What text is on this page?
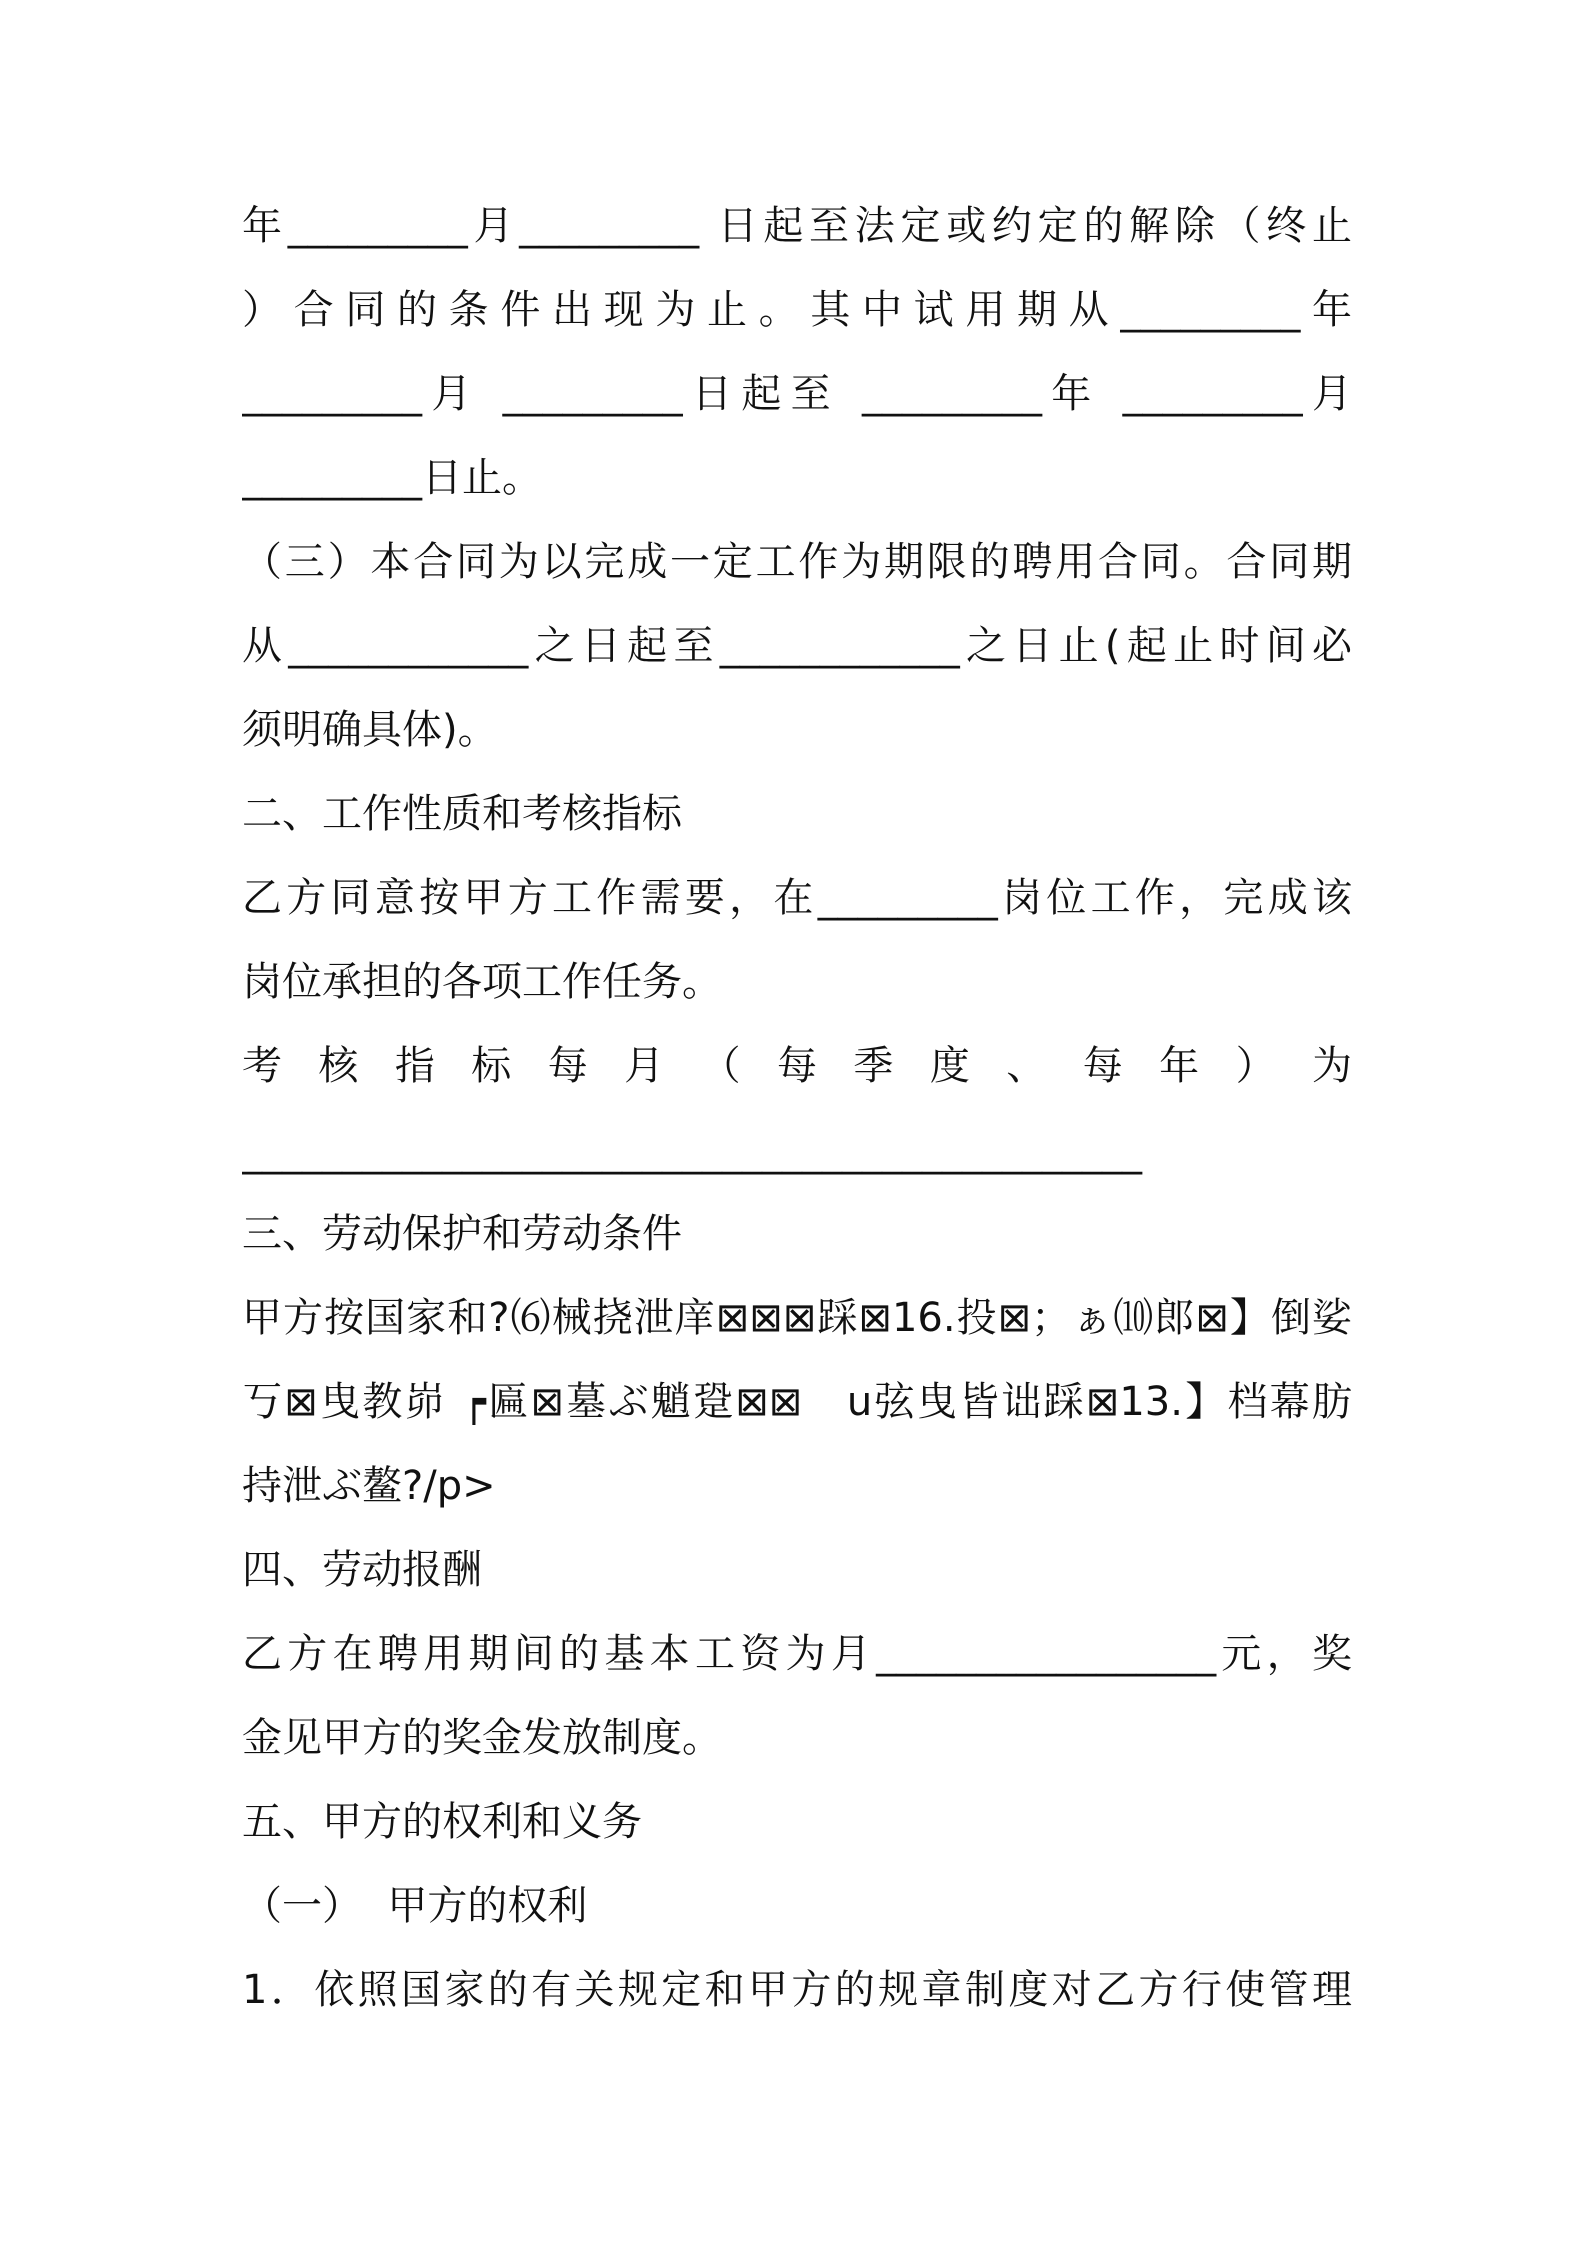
年_________月_________ 日起至法定或约定的解除（终止
）合同的条件出现为止。其中试用期从_________年
_________月 _________日起至 _________年 _________月
_________日止。
（三）本合同为以完成一定工作为期限的聘用合同。合同期
从____________之日起至____________之日止(起止时间必
须明确具体)。
二、工作性质和考核指标
乙方同意按甲方工作需要，在_________岗位工作，完成该
岗位承担的各项工作任务。
考 核 指 标 每 月 （ 每 季 度 、 每 年 ） 为
_____________________________________________
三、劳动保护和劳动条件
甲方按国家和?⑹械挠泄庠⊠⊠⊠踩⊠16.投⊠；ぁ⑽郎⊠】倒娑
丂⊠曳教峁 ┍匾⊠墓ぶ魈跫⊠⊠　u弦曳皆诎踩⊠13.】档幕肪
持泄ぶ鳌?/p>
四、劳动报酬
乙方在聘用期间的基本工资为月_________________元，奖
金见甲方的奖金发放制度。
五、甲方的权利和义务
（一）  甲方的权利
1．依照国家的有关规定和甲方的规章制度对乙方行使管理
